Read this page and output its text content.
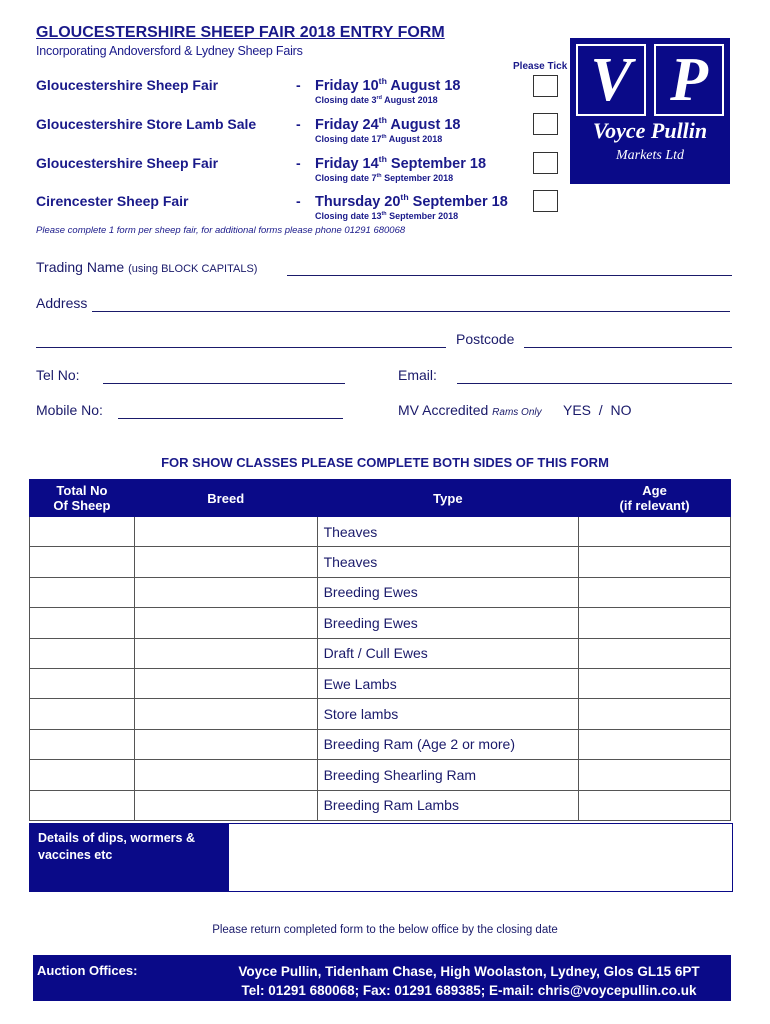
GLOUCESTERSHIRE SHEEP FAIR 2018 ENTRY FORM
Incorporating Andoversford & Lydney Sheep Fairs
Please Tick
Gloucestershire Sheep Fair	- Friday 10th August 18
Closing date 3rd August 2018
Gloucestershire Store Lamb Sale	- Friday 24th August 18
Closing date 17th August 2018
Gloucestershire Sheep Fair	- Friday 14th September 18
Closing date 7th September 2018
Cirencester Sheep Fair	- Thursday 20th September 18
Closing date 13th September 2018
V P
Voyce Pullin
Markets Ltd
Please complete 1 form per sheep fair, for additional forms please phone 01291 680068
Trading Name (using BLOCK CAPITALS)
Address
Postcode
Tel No:	Email:
Mobile No:	MV Accredited Rams Only YES  /  NO
FOR SHOW CLASSES PLEASE COMPLETE BOTH SIDES OF THIS FORM
Total No
Of Sheep	Breed	Type	Age
(if relevant)
		Theaves	
		Theaves	
		Breeding Ewes	
		Breeding Ewes	
		Draft / Cull Ewes	
		Ewe Lambs	
		Store lambs	
		Breeding Ram (Age 2 or more)	
		Breeding Shearling Ram	
		Breeding Ram Lambs	
Details of dips, wormers & vaccines etc
Please return completed form to the below office by the closing date
Auction Offices:	Voyce Pullin, Tidenham Chase, High Woolaston, Lydney, Glos GL15 6PT
Tel: 01291 680068; Fax: 01291 689385; E-mail: chris@voycepullin.co.uk
